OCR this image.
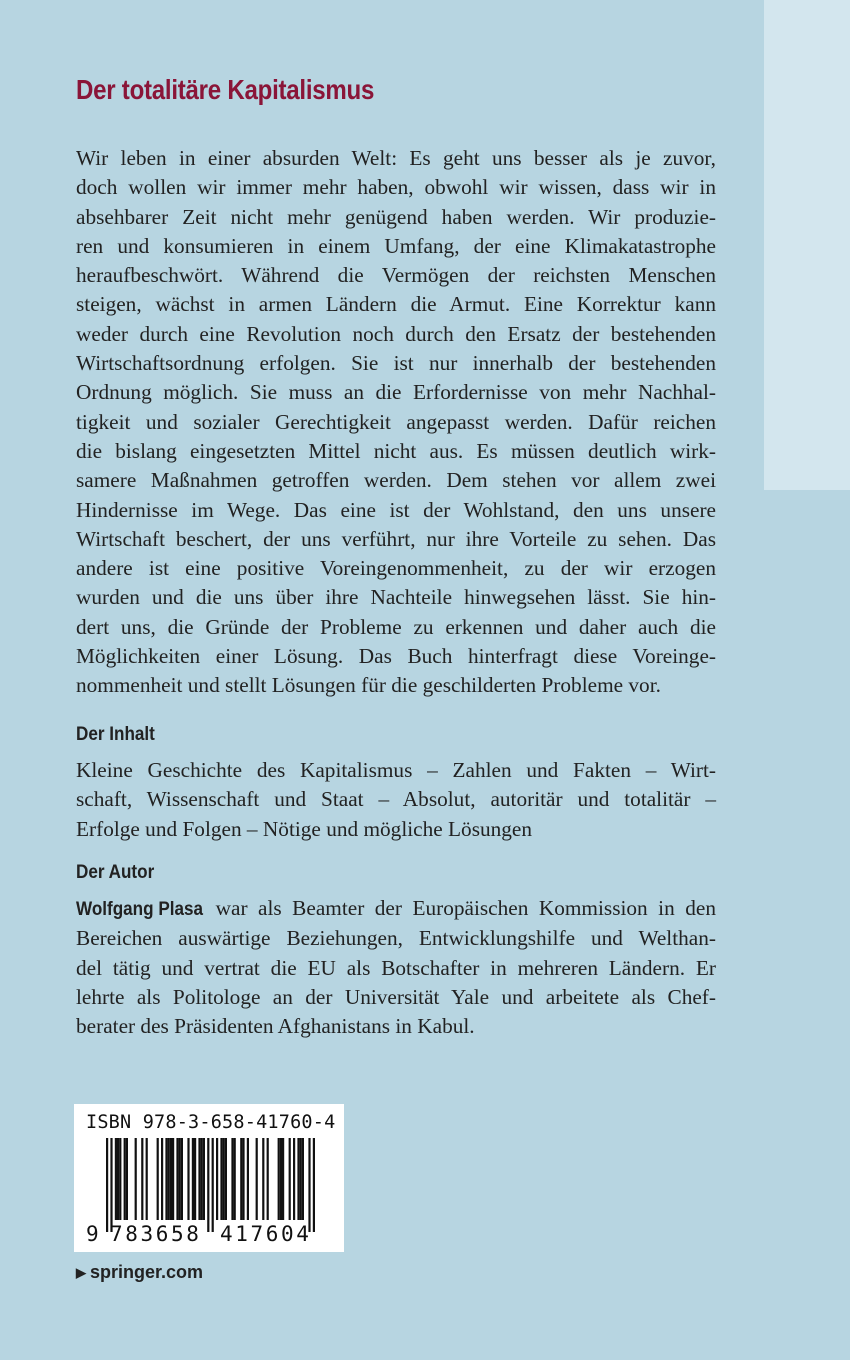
Der totalitäre Kapitalismus
Wir leben in einer absurden Welt: Es geht uns besser als je zuvor,
doch wollen wir immer mehr haben, obwohl wir wissen, dass wir in
absehbarer Zeit nicht mehr genügend haben werden. Wir produzie-
ren und konsumieren in einem Umfang, der eine Klimakatastrophe
heraufbeschwört. Während die Vermögen der reichsten Menschen
steigen, wächst in armen Ländern die Armut. Eine Korrektur kann
weder durch eine Revolution noch durch den Ersatz der bestehenden
Wirtschaftsordnung erfolgen. Sie ist nur innerhalb der bestehenden
Ordnung möglich. Sie muss an die Erfordernisse von mehr Nachhal-
tigkeit und sozialer Gerechtigkeit angepasst werden. Dafür reichen
die bislang eingesetzten Mittel nicht aus. Es müssen deutlich wirk-
samere Maßnahmen getroffen werden. Dem stehen vor allem zwei
Hindernisse im Wege. Das eine ist der Wohlstand, den uns unsere
Wirtschaft beschert, der uns verführt, nur ihre Vorteile zu sehen. Das
andere ist eine positive Voreingenommenheit, zu der wir erzogen
wurden und die uns über ihre Nachteile hinwegsehen lässt. Sie hin-
dert uns, die Gründe der Probleme zu erkennen und daher auch die
Möglichkeiten einer Lösung. Das Buch hinterfragt diese Voreinge-
nommenheit und stellt Lösungen für die geschilderten Probleme vor.
Der Inhalt
Kleine Geschichte des Kapitalismus – Zahlen und Fakten – Wirt-
schaft, Wissenschaft und Staat – Absolut, autoritär und totalitär –
Erfolge und Folgen – Nötige und mögliche Lösungen
Der Autor
Wolfgang Plasa war als Beamter der Europäischen Kommission in den
Bereichen auswärtige Beziehungen, Entwicklungshilfe und Welthan-
del tätig und vertrat die EU als Botschafter in mehreren Ländern. Er
lehrte als Politologe an der Universität Yale und arbeitete als Chef-
berater des Präsidenten Afghanistans in Kabul.
ISBN 978-3-658-41760-4
9 783658 417604
▶ springer.com
